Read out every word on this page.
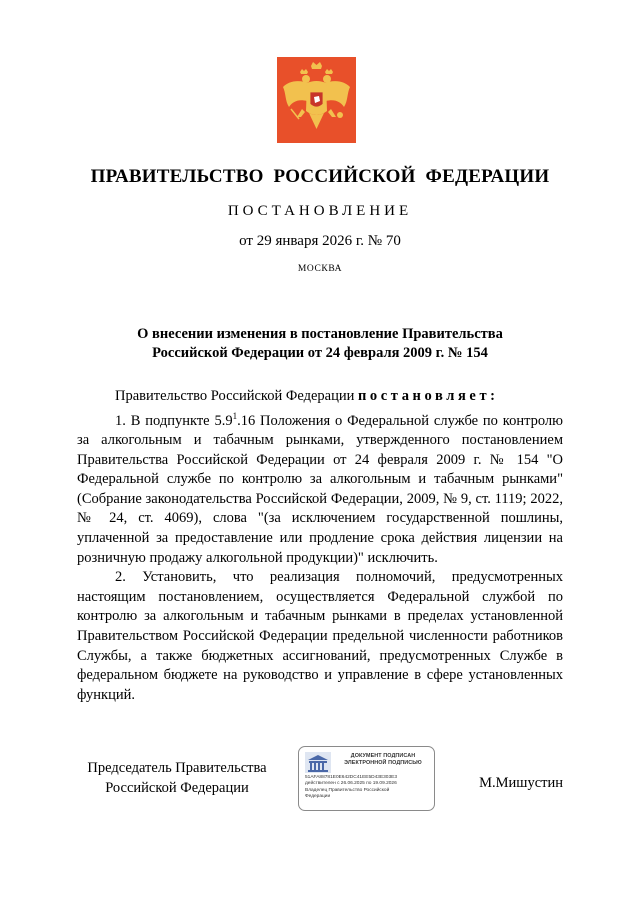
ПРАВИТЕЛЬСТВО РОССИЙСКОЙ ФЕДЕРАЦИИ
ПОСТАНОВЛЕНИЕ
от 29 января 2026 г. № 70
МОСКВА
О внесении изменения в постановление Правительства
Российской Федерации от 24 февраля 2009 г. № 154

Правительство Российской Федерации постановляет:

1. В подпункте $5.9^1.16$ Положения о Федеральной службе по контролю за алкогольным и табачным рынками, утвержденного постановлением Правительства Российской Федерации от 24 февраля 2009 г. № 154 "О Федеральной службе по контролю за алкогольным и табачным рынками" (Собрание законодательства Российской Федерации, 2009, № 9, ст. 1119; 2022, № 24, ст. 4069), слова "(за исключением государственной пошлины, уплаченной за предоставление или продление срока действия лицензии на розничную продажу алкогольной продукции)" исключить.

2. Установить, что реализация полномочий, предусмотренных настоящим постановлением, осуществляется Федеральной службой по контролю за алкогольным и табачным рынками в пределах установленной Правительством Российской Федерации предельной численности работников Службы, а также бюджетных ассигнований, предусмотренных Службе в федеральном бюджете на руководство и управление в сфере установленных функций.

Председатель Правительства
Российской Федерации
ДОКУМЕНТ ПОДПИСАН
ЭЛЕКТРОННОЙ ПОДПИСЬЮ
51AFA88781E0E642DC41EE5D43E303E3
действителен с 26.06.2025 по 19.09.2026
Владелец Правительство Российской
Федерации
М.Мишустин
